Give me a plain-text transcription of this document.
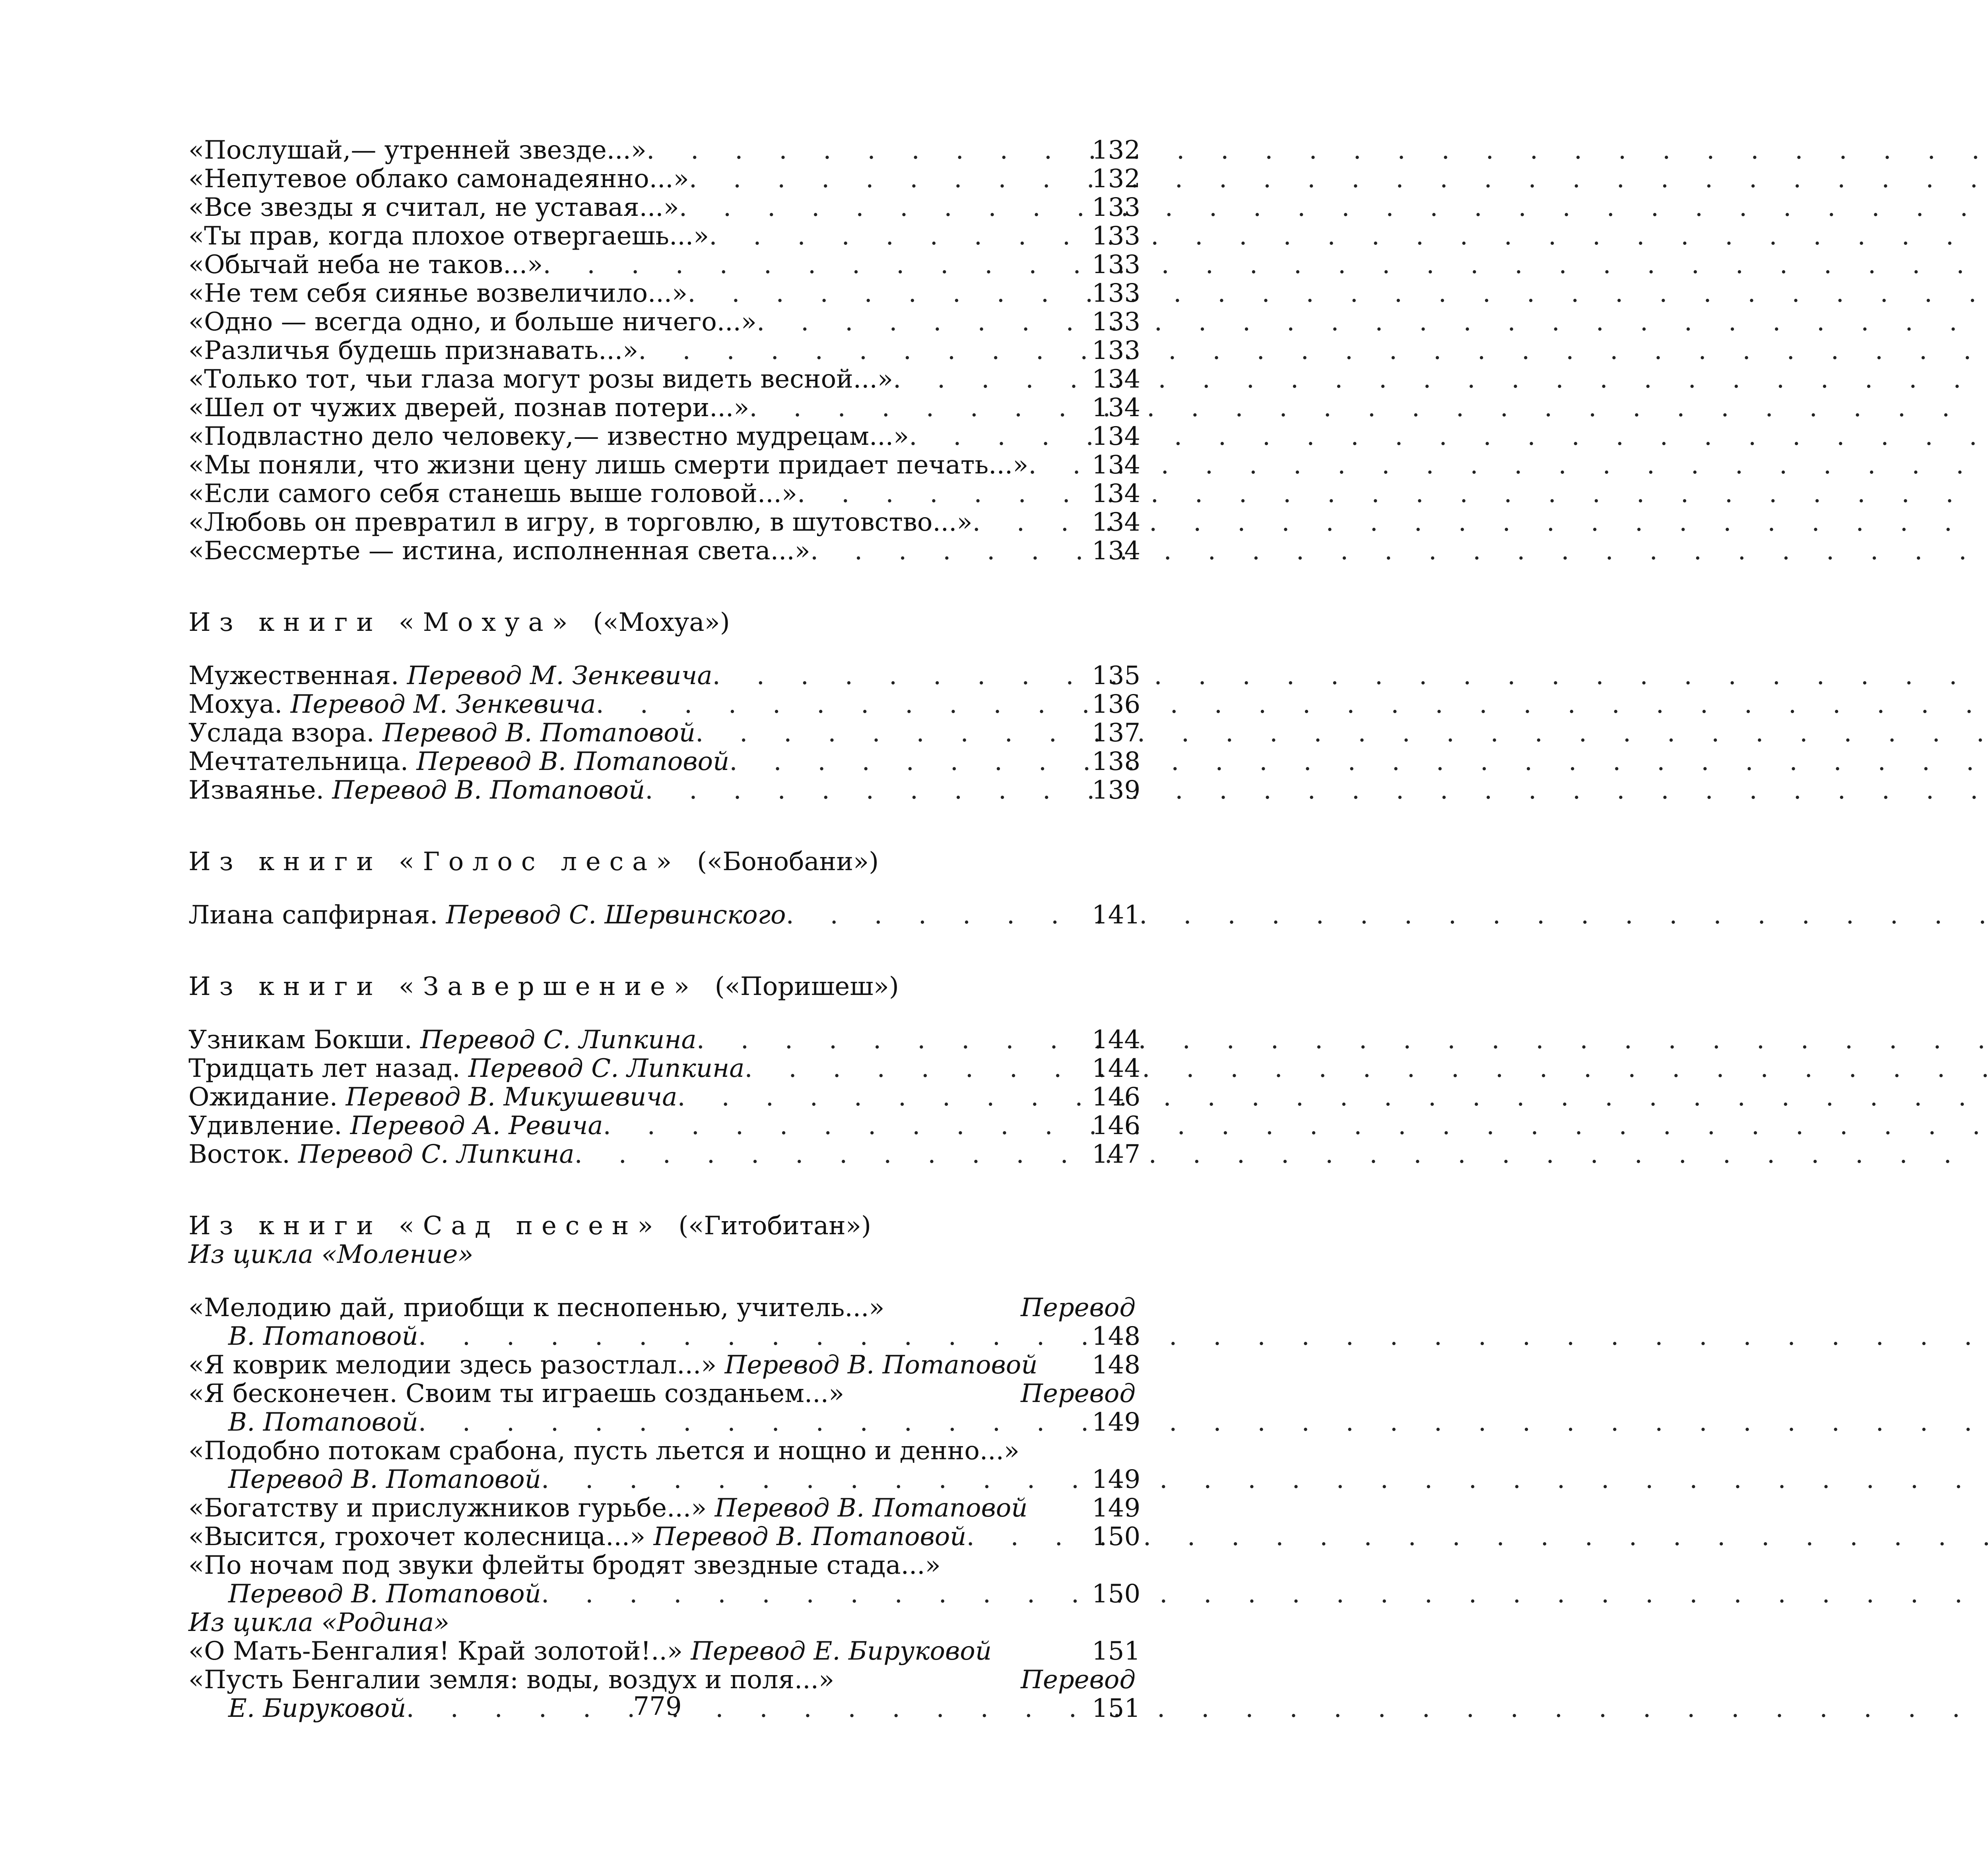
«Послушай,— утренней звезде...» . . .	132
«Непутевое облако самонадеянно...» . . .	132
«Все звезды я считал, не уставая...» . . .	133
«Ты прав, когда плохое отвергаешь...» . . .	133
«Обычай неба не таков...» . . .	133
«Не тем себя сиянье возвеличило...» . . .	133
«Одно — всегда одно, и больше ничего...» . . .	133
«Различья будешь признавать...» . . .	133
«Только тот, чьи глаза могут розы видеть весной...» . . .	134
«Шел от чужих дверей, познав потери...» . . .	134
«Подвластно дело человеку,— известно мудрецам...» . . .	134
«Мы поняли, что жизни цену лишь смерти придает печать...» . . . 134
«Если самого себя станешь выше головой...» . . .	134
«Любовь он превратил в игру, в торговлю, в шутовство...» . . .	134
«Бессмертье — истина, исполненная света...» . . .	134
Из книги «Мохуа» («Мохуа»)
Мужественная. Перевод М. Зенкевича . . .	135
Мохуа. Перевод М. Зенкевича . . .	136
Услада взора. Перевод В. Потаповой . . .	137
Мечтательница. Перевод В. Потаповой . . .	138
Изваянье. Перевод В. Потаповой . . .	139
Из книги «Голос леса» («Бонобани»)
Лиана сапфирная. Перевод С. Шервинского . . .	141
Из книги «Завершение» («Поришеш»)
Узникам Бокши. Перевод С. Липкина . . .	144
Тридцать лет назад. Перевод С. Липкина . . .	144
Ожидание. Перевод В. Микушевича . . .	146
Удивление. Перевод А. Ревича . . .	146
Восток. Перевод С. Липкина . . .	147
Из книги «Сад песен» («Гитобитан»)
Из цикла «Моление»
«Мелодию дай, приобщи к песнопенью, учитель...»	Перевод
В. Потаповой . . .	148
«Я коврик мелодии здесь разостлал...» Перевод В. Потаповой 148
«Я бесконечен. Своим ты играешь созданьем...»	Перевод
В. Потаповой . . .	149
«Подобно потокам срабона, пусть льется и нощно и денно...»
Перевод В. Потаповой . . .	149
«Богатству и прислужников гурьбе...» Перевод В. Потаповой	149
«Высится, грохочет колесница...» Перевод В. Потаповой . . .	150
«По ночам под звуки флейты бродят звездные стада...»
Перевод В. Потаповой . . .	150
Из цикла «Родина»
«О Мать-Бенгалия! Край золотой!..» Перевод Е. Бируковой	151
«Пусть Бенгалии земля: воды, воздух и поля...»	Перевод
Е. Бируковой . . .	151
779
